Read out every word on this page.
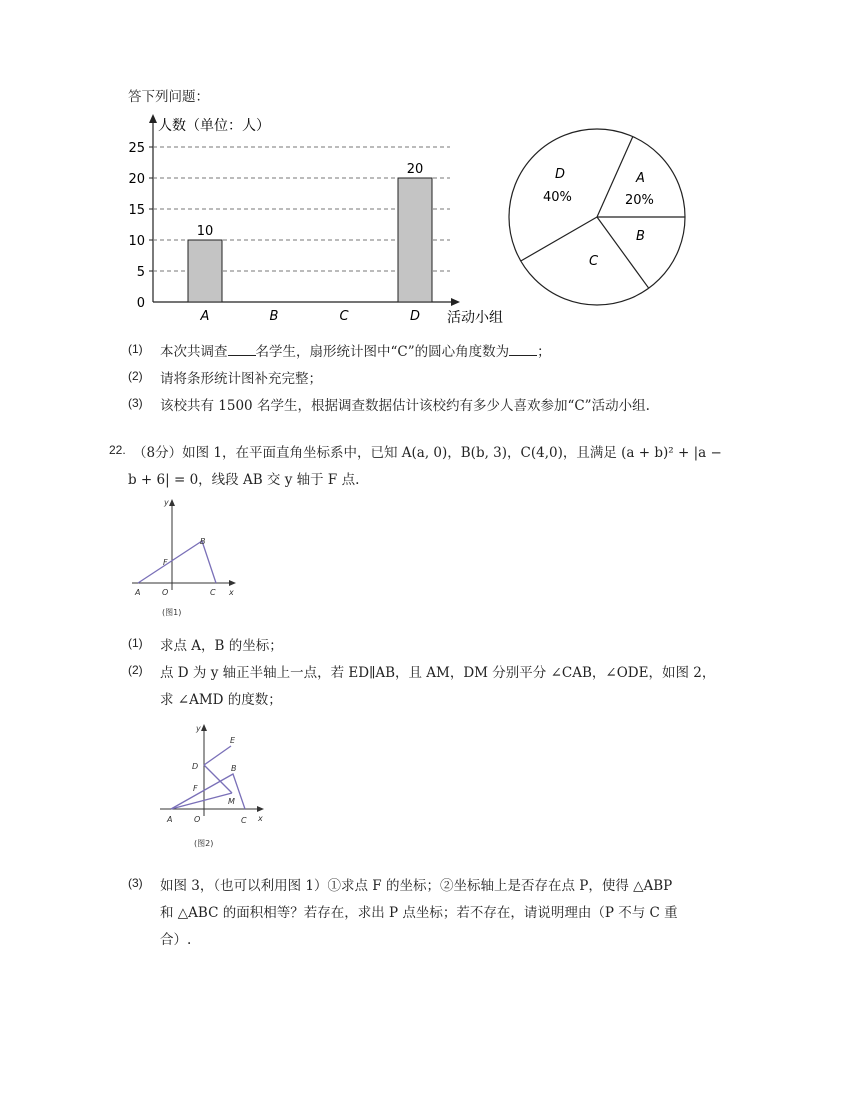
答下列问题：
人数（单位：人）
活动小组
0
5
10
15
20
25
10
20
A	B	C	D
D
40%
A
20%
B
C
(1) 本次共调查 名学生，扇形统计图中“C”的圆心角度数为 ；
(2) 请将条形统计图补充完整；
(3) 该校共有 1500 名学生，根据调查数据估计该校约有多少人喜欢参加“C”活动小组.
22. （8分）如图 1，在平面直角坐标系中，已知 A(a, 0)，B(b, 3)，C(4,0)，且满足 (a + b)² + |a −
b + 6| = 0，线段 AB 交 y 轴于 F 点.
y
B
F
A	O	C x
(图1)
(1) 求点 A，B 的坐标；
(2) 点 D 为 y 轴正半轴上一点，若 ED∥AB，且 AM，DM 分别平分 ∠CAB，∠ODE，如图 2，
求 ∠AMD 的度数；
y
E
D	B
F
M
A	O	C x
(图2)
(3) 如图 3，（也可以利用图 1）①求点 F 的坐标；②坐标轴上是否存在点 P，使得 △ABP
和 △ABC 的面积相等？若存在，求出 P 点坐标；若不存在，请说明理由（P 不与 C 重
合）.
